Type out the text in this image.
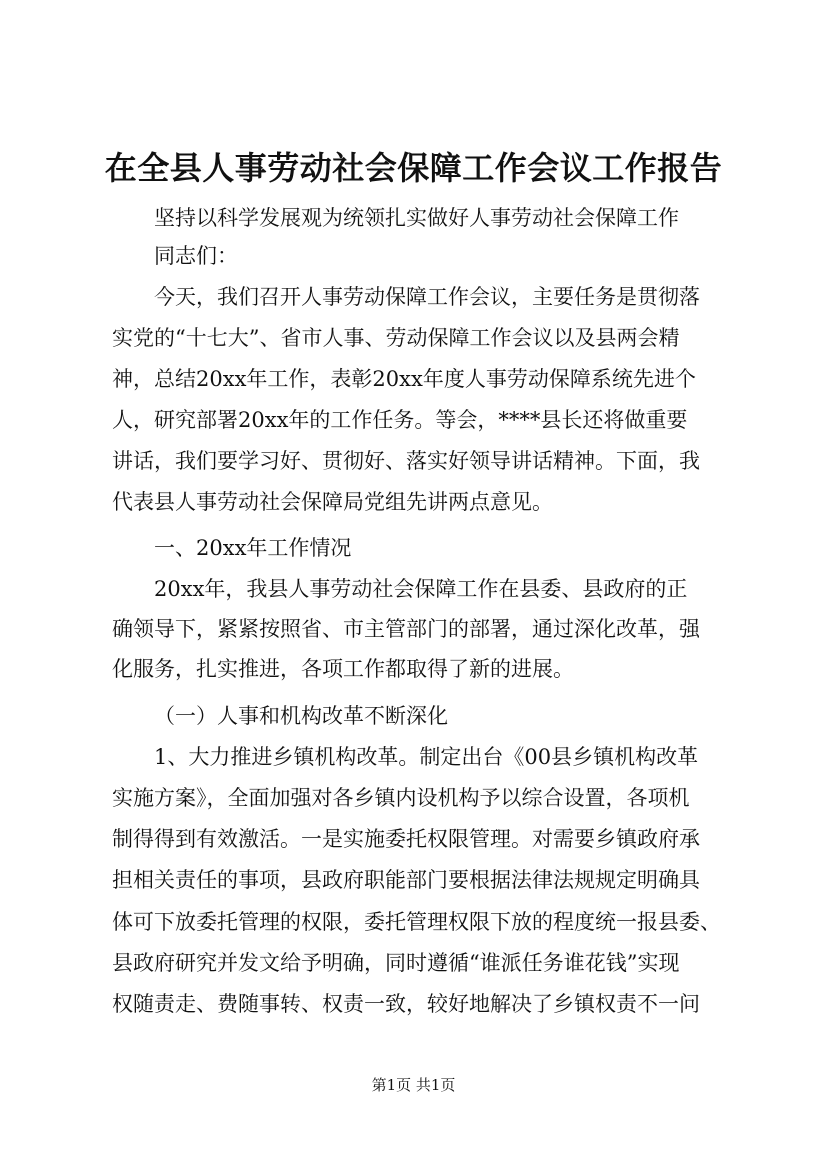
在全县人事劳动社会保障工作会议工作报告
坚持以科学发展观为统领扎实做好人事劳动社会保障工作
同志们：
今天，我们召开人事劳动保障工作会议，主要任务是贯彻落
实党的“十七大”、省市人事、劳动保障工作会议以及县两会精
神，总结20xx年工作，表彰20xx年度人事劳动保障系统先进个
人，研究部署20xx年的工作任务。等会，****县长还将做重要
讲话，我们要学习好、贯彻好、落实好领导讲话精神。下面，我
代表县人事劳动社会保障局党组先讲两点意见。
一、20xx年工作情况
20xx年，我县人事劳动社会保障工作在县委、县政府的正
确领导下，紧紧按照省、市主管部门的部署，通过深化改革，强
化服务，扎实推进，各项工作都取得了新的进展。
（一）人事和机构改革不断深化
1、大力推进乡镇机构改革。制定出台《00县乡镇机构改革
实施方案》，全面加强对各乡镇内设机构予以综合设置，各项机
制得得到有效激活。一是实施委托权限管理。对需要乡镇政府承
担相关责任的事项，县政府职能部门要根据法律法规规定明确具
体可下放委托管理的权限，委托管理权限下放的程度统一报县委、
县政府研究并发文给予明确，同时遵循“谁派任务谁花钱”实现
权随责走、费随事转、权责一致，较好地解决了乡镇权责不一问
第1页 共1页
